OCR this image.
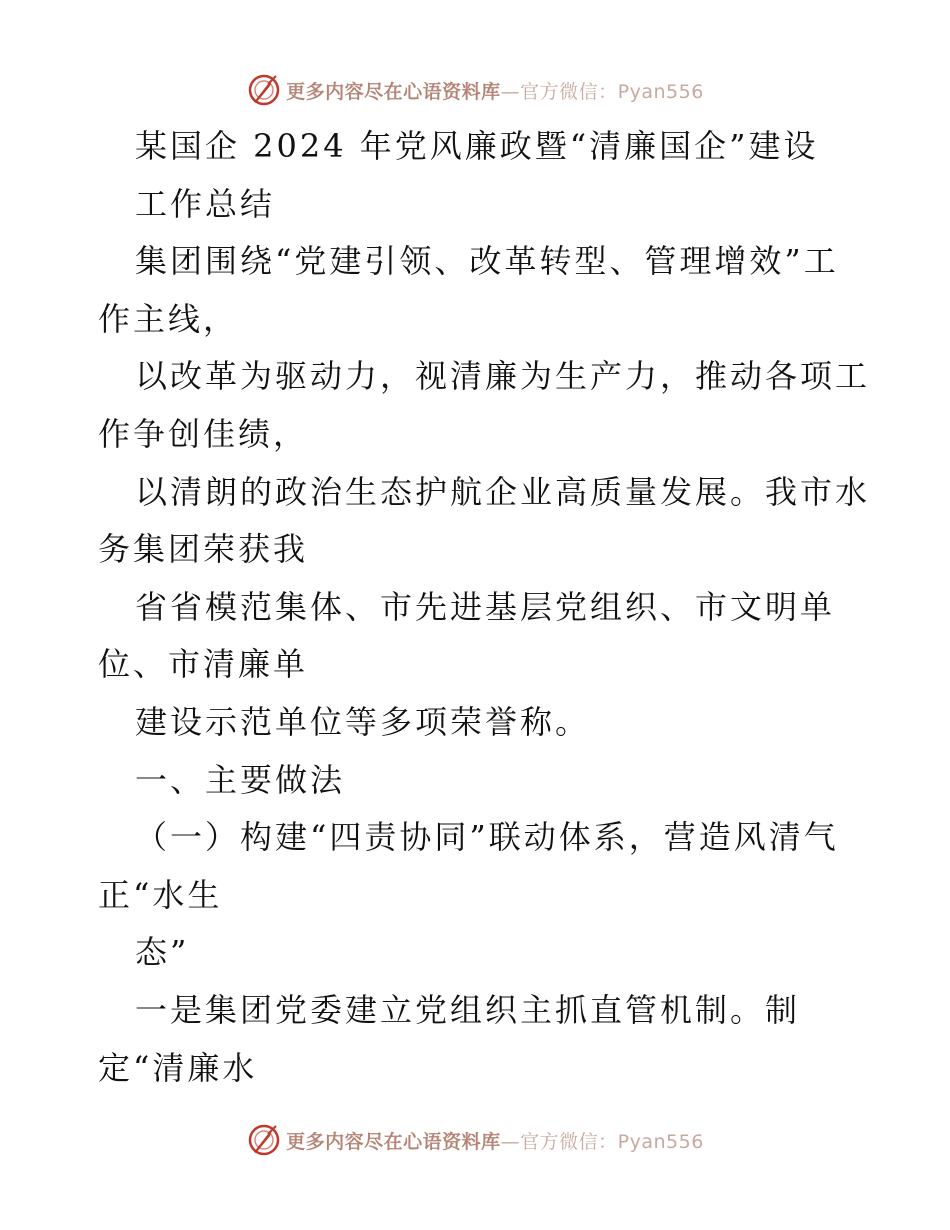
更多内容尽在心语资料库—官方微信：Pyan556
某国企 2024 年党风廉政暨“清廉国企”建设
工作总结
集团围绕“党建引领、改革转型、管理增效”工
作主线，
以改革为驱动力，视清廉为生产力，推动各项工
作争创佳绩，
以清朗的政治生态护航企业高质量发展。我市水
务集团荣获我
省省模范集体、市先进基层党组织、市文明单
位、市清廉单
建设示范单位等多项荣誉称。
一、主要做法
（一）构建“四责协同”联动体系，营造风清气
正“水生
态”
一是集团党委建立党组织主抓直管机制。制
定“清廉水
更多内容尽在心语资料库—官方微信：Pyan556
